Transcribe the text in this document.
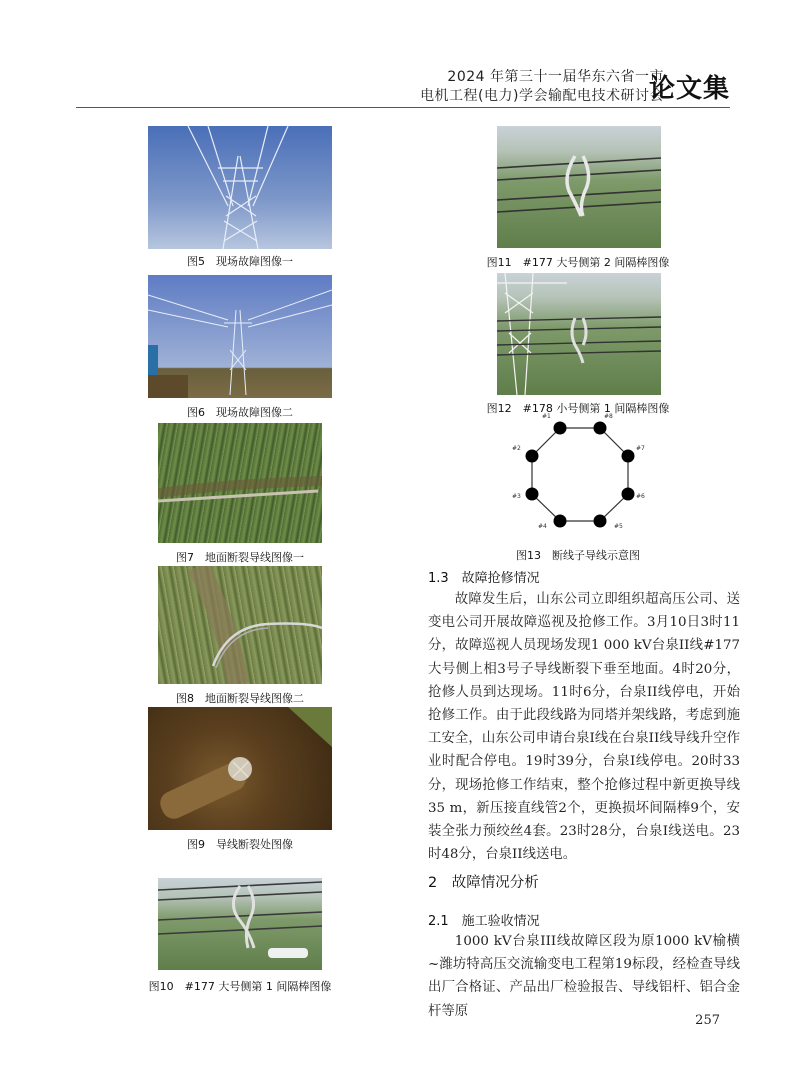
2024 年第三十一届华东六省一市
电机工程(电力)学会输配电技术研讨会
论文集
图5　现场故障图像一
图6　现场故障图像二
图7　地面断裂导线图像一
图8　地面断裂导线图像二
图9　导线断裂处图像
图10　#177 大号侧第 1 间隔棒图像
图11　#177 大号侧第 2 间隔棒图像
图12　#178 小号侧第 1 间隔棒图像
#1	#8
#7
#6
#5
#4
#3
#2
图13　断线子导线示意图
1.3　故障抢修情况
故障发生后，山东公司立即组织超高压公司、送变电公司开展故障巡视及抢修工作。3月10日3时11分，故障巡视人员现场发现1 000 kV台泉II线#177大号侧上相3号子导线断裂下垂至地面。4时20分，抢修人员到达现场。11时6分，台泉II线停电，开始抢修工作。由于此段线路为同塔并架线路，考虑到施工安全，山东公司申请台泉I线在台泉II线导线升空作业时配合停电。19时39分，台泉I线停电。20时33分，现场抢修工作结束，整个抢修过程中新更换导线35 m，新压接直线管2个，更换损坏间隔棒9个，安装全张力预绞丝4套。23时28分，台泉I线送电。23时48分，台泉II线送电。
2　故障情况分析
2.1　施工验收情况
1000 kV台泉III线故障区段为原1000 kV榆横~潍坊特高压交流输变电工程第19标段，经检查导线出厂合格证、产品出厂检验报告、导线铝杆、铝合金杆等原
257
